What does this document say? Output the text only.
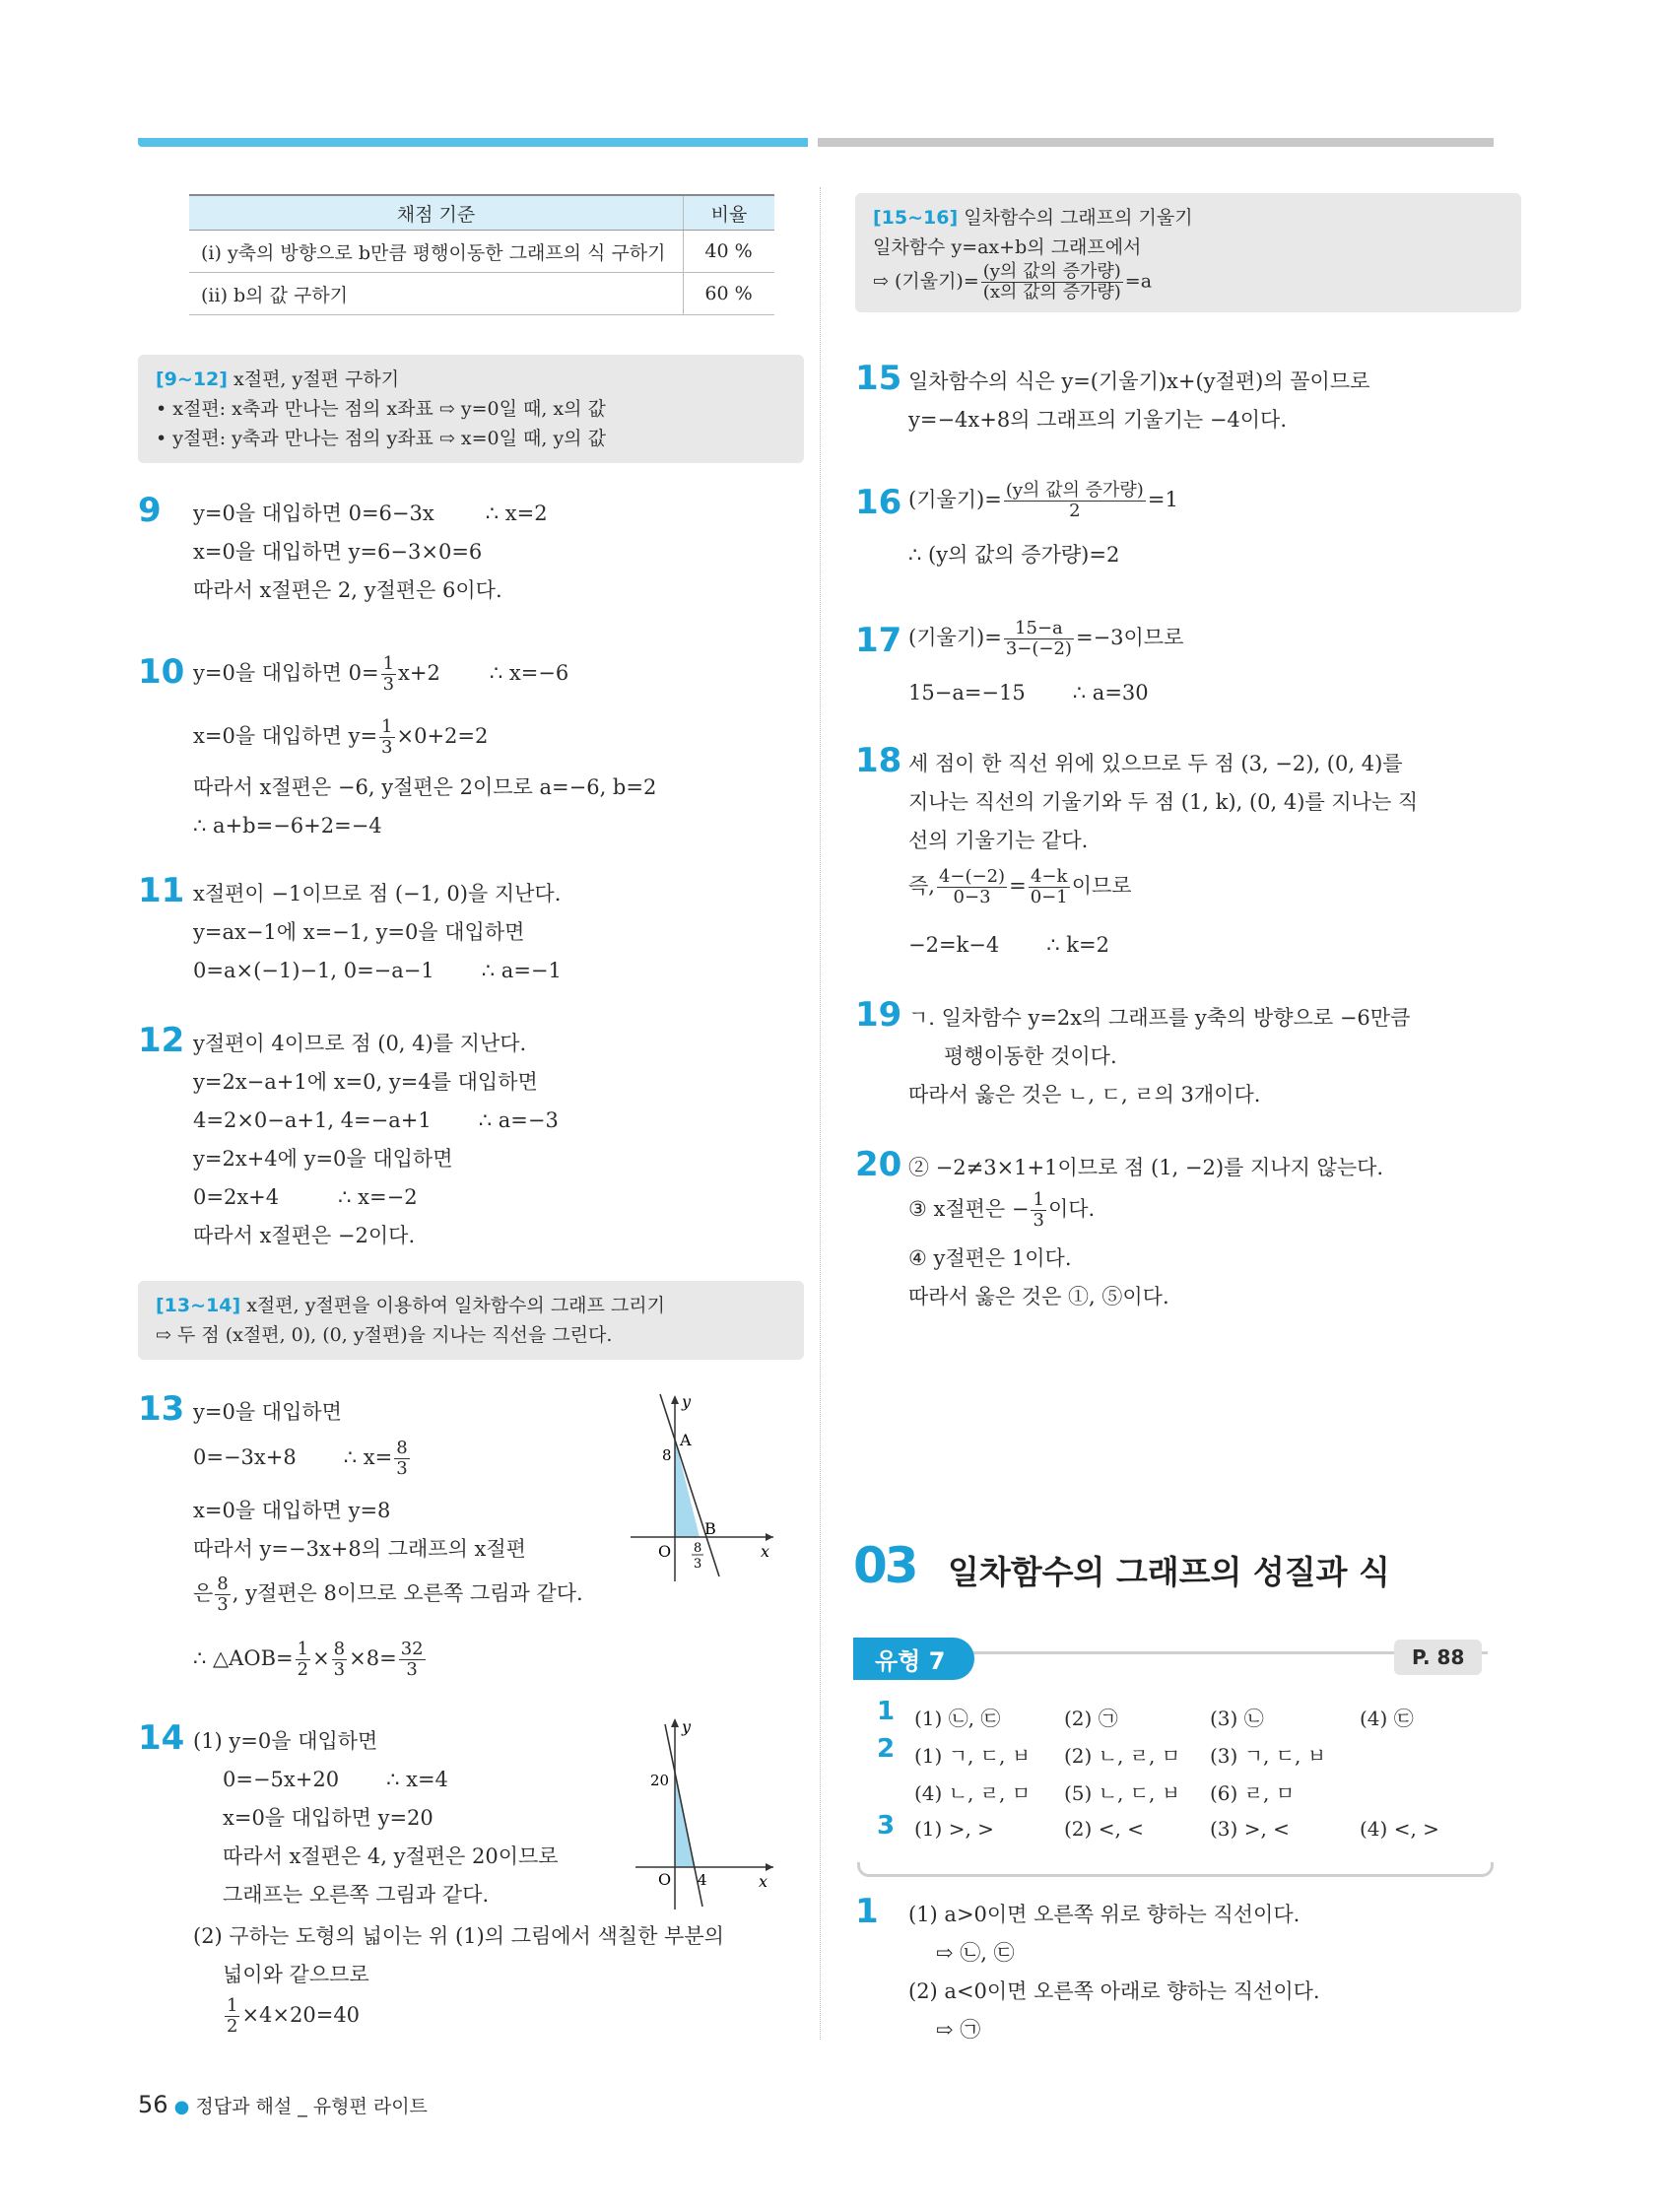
채점 기준	비율
(i) y축의 방향으로 b만큼 평행이동한 그래프의 식 구하기	40 %
(ii) b의 값 구하기	60 %
[9~12] x절편, y절편 구하기
• x절편: x축과 만나는 점의 x좌표 ⇨ y=0일 때, x의 값
• y절편: y축과 만나는 점의 y좌표 ⇨ x=0일 때, y의 값
9 y=0을 대입하면 0=6−3x ∴ x=2
x=0을 대입하면 y=6−3×0=6
따라서 x절편은 2, y절편은 6이다.
10 y=0을 대입하면 $0= \frac{1}{3} x+2$ ∴ x=−6
x=0을 대입하면 $y= \frac{1}{3} \times 0+2=2$
따라서 x절편은 −6, y절편은 2이므로 a=−6, b=2
∴ a+b=−6+2=−4
11 x절편이 −1이므로 점 (−1, 0)을 지난다.
y=ax−1에 x=−1, y=0을 대입하면
0=a×(−1)−1, 0=−a−1 ∴ a=−1
12 y절편이 4이므로 점 (0, 4)를 지난다.
y=2x−a+1에 x=0, y=4를 대입하면
4=2×0−a+1, 4=−a+1 ∴ a=−3
y=2x+4에 y=0을 대입하면
0=2x+4	∴ x=−2
따라서 x절편은 −2이다.
[13~14] x절편, y절편을 이용하여 일차함수의 그래프 그리기
⇨ 두 점 (x절편, 0), (0, y절편)을 지나는 직선을 그린다.
13 y=0을 대입하면
0=−3x+8 ∴ $x= \frac{8}{3}$
x=0을 대입하면 y=8
따라서 y=−3x+8의 그래프의 x절편
은 $\frac{8}{3}$ , y절편은 8이므로 오른쪽 그림과 같다.
∴ △AOB= $\frac{1}{2} \times \frac{8}{3} \times 8= \frac{32}{3}$
y
x
O
A
B
8
8
3
14 (1) y=0을 대입하면
0=−5x+20 ∴ x=4
x=0을 대입하면 y=20
따라서 x절편은 4, y절편은 20이므로
그래프는 오른쪽 그림과 같다.
(2) 구하는 도형의 넓이는 위 (1)의 그림에서 색칠한 부분의
넓이와 같으므로
$\frac{1}{2} \times 4\times 20=40$
y
x
O
20
4
[15~16] 일차함수의 그래프의 기울기
일차함수 y=ax+b의 그래프에서
⇨ (기울기)= $\frac{\text{(y의 값의 증가량)}}{\text{(x의 값의 증가량)}} =a$
15 일차함수의 식은 y=(기울기)x+(y절편)의 꼴이므로
y=−4x+8의 그래프의 기울기는 −4이다.
16 (기울기)= $\frac{\text{(y의 값의 증가량)}}{2} =1$
∴ (y의 값의 증가량)=2
17 (기울기)= $\frac{15-a}{3-(-2)} =-3$이므로
15−a=−15 ∴ a=30
18 세 점이 한 직선 위에 있으므로 두 점 (3, −2), (0, 4)를
지나는 직선의 기울기와 두 점 (1, k), (0, 4)를 지나는 직
선의 기울기는 같다.
즉, $\frac{4-(-2)}{0-3} = \frac{4-k}{0-1}$ 이므로
−2=k−4 ∴ k=2
19 ㄱ. 일차함수 y=2x의 그래프를 y축의 방향으로 −6만큼
평행이동한 것이다.
따라서 옳은 것은 ㄴ, ㄷ, ㄹ의 3개이다.
20 ② −2≠3×1+1이므로 점 (1, −2)를 지나지 않는다.
③ x절편은 − $\frac{1}{3}$ 이다.
④ y절편은 1이다.
따라서 옳은 것은 ①, ⑤이다.
03 일차함수의 그래프의 성질과 식
유형 7	P. 88
1 (1) ㉡, ㉢	(2) ㉠	(3) ㉡	(4) ㉢
2 (1) ㄱ, ㄷ, ㅂ (2) ㄴ, ㄹ, ㅁ (3) ㄱ, ㄷ, ㅂ
(4) ㄴ, ㄹ, ㅁ (5) ㄴ, ㄷ, ㅂ (6) ㄹ, ㅁ
3 (1) >, >	(2) <, <	(3) >, <	(4) <, >
1 (1) a>0이면 오른쪽 위로 향하는 직선이다.
⇨ ㉡, ㉢
(2) a<0이면 오른쪽 아래로 향하는 직선이다.
⇨ ㉠
56 ● 정답과 해설 _ 유형편 라이트
